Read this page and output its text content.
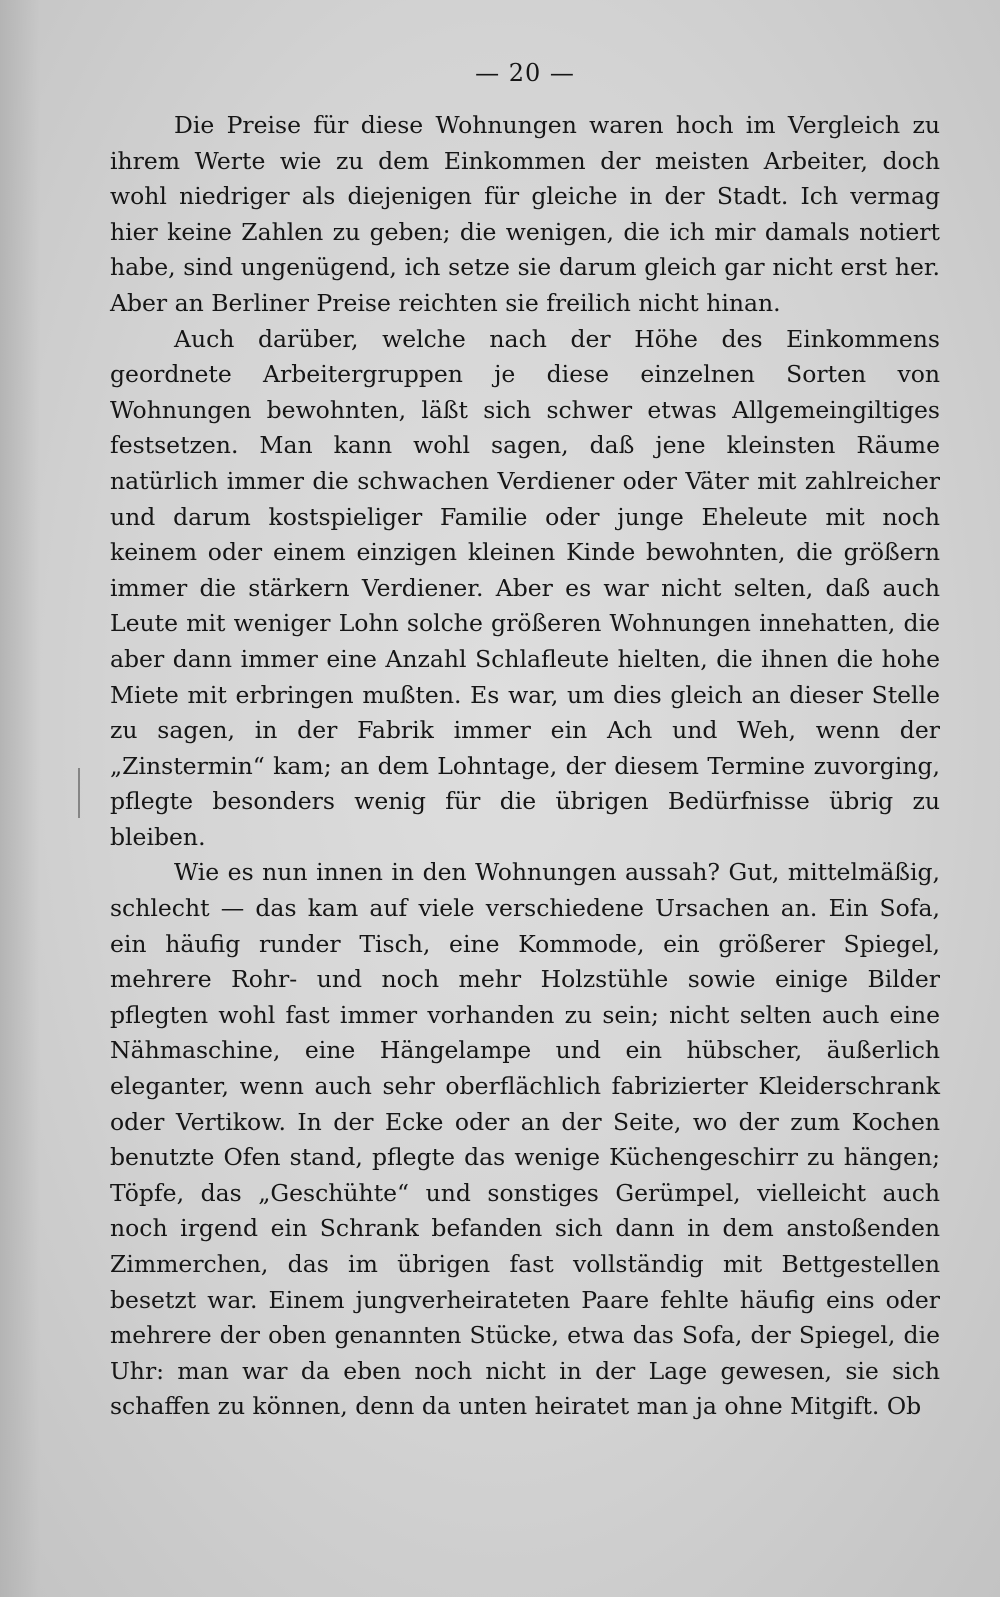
— 20 —

Die Preise für diese Wohnungen waren hoch im Vergleich zu ihrem Werte wie zu dem Einkommen der meisten Arbeiter, doch wohl niedriger als diejenigen für gleiche in der Stadt. Ich vermag hier keine Zahlen zu geben; die wenigen, die ich mir damals notiert habe, sind ungenügend, ich setze sie darum gleich gar nicht erst her. Aber an Berliner Preise reichten sie freilich nicht hinan.

Auch darüber, welche nach der Höhe des Einkommens geordnete Arbeitergruppen je diese einzelnen Sorten von Wohnungen bewohnten, läßt sich schwer etwas Allgemeingiltiges festsetzen. Man kann wohl sagen, daß jene kleinsten Räume natürlich immer die schwachen Verdiener oder Väter mit zahlreicher und darum kostspieliger Familie oder junge Eheleute mit noch keinem oder einem einzigen kleinen Kinde bewohnten, die größern immer die stärkern Verdiener. Aber es war nicht selten, daß auch Leute mit weniger Lohn solche größeren Wohnungen innehatten, die aber dann immer eine Anzahl Schlafleute hielten, die ihnen die hohe Miete mit erbringen mußten. Es war, um dies gleich an dieser Stelle zu sagen, in der Fabrik immer ein Ach und Weh, wenn der „Zinstermin“ kam; an dem Lohntage, der diesem Termine zuvorging, pflegte besonders wenig für die übrigen Bedürfnisse übrig zu bleiben.

Wie es nun innen in den Wohnungen aussah? Gut, mittelmäßig, schlecht — das kam auf viele verschiedene Ursachen an. Ein Sofa, ein häufig runder Tisch, eine Kommode, ein größerer Spiegel, mehrere Rohr- und noch mehr Holzstühle sowie einige Bilder pflegten wohl fast immer vorhanden zu sein; nicht selten auch eine Nähmaschine, eine Hängelampe und ein hübscher, äußerlich eleganter, wenn auch sehr oberflächlich fabrizierter Kleiderschrank oder Vertikow. In der Ecke oder an der Seite, wo der zum Kochen benutzte Ofen stand, pflegte das wenige Küchengeschirr zu hängen; Töpfe, das „Geschühte“ und sonstiges Gerümpel, vielleicht auch noch irgend ein Schrank befanden sich dann in dem anstoßenden Zimmerchen, das im übrigen fast vollständig mit Bettgestellen besetzt war. Einem jungverheirateten Paare fehlte häufig eins oder mehrere der oben genannten Stücke, etwa das Sofa, der Spiegel, die Uhr: man war da eben noch nicht in der Lage gewesen, sie sich schaffen zu können, denn da unten heiratet man ja ohne Mitgift. Ob
